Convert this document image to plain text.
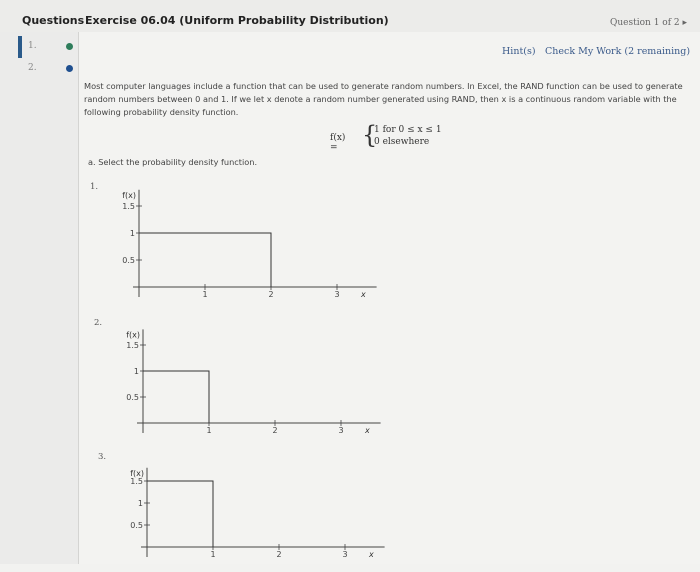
Questions Exercise 06.04 (Uniform Probability Distribution)	Question 1 of 2 ▸
1.
2.
Hint(s) Check My Work (2 remaining)
Most computer languages include a function that can be used to generate random numbers. In Excel, the RAND function can be used to generate random numbers between 0 and 1. If we let x denote a random number generated using RAND, then x is a continuous random variable with the following probability density function.
f(x) =	{
1 for 0 ≤ x ≤ 1
0 elsewhere
a. Select the probability density function.
1.
2.
3.
1.5
1
0.5
1	2	3
f(x)
x
1.5
1
0.5
1	2	3
f(x)
x
1.5
1
0.5
1	2	3
f(x)
x
